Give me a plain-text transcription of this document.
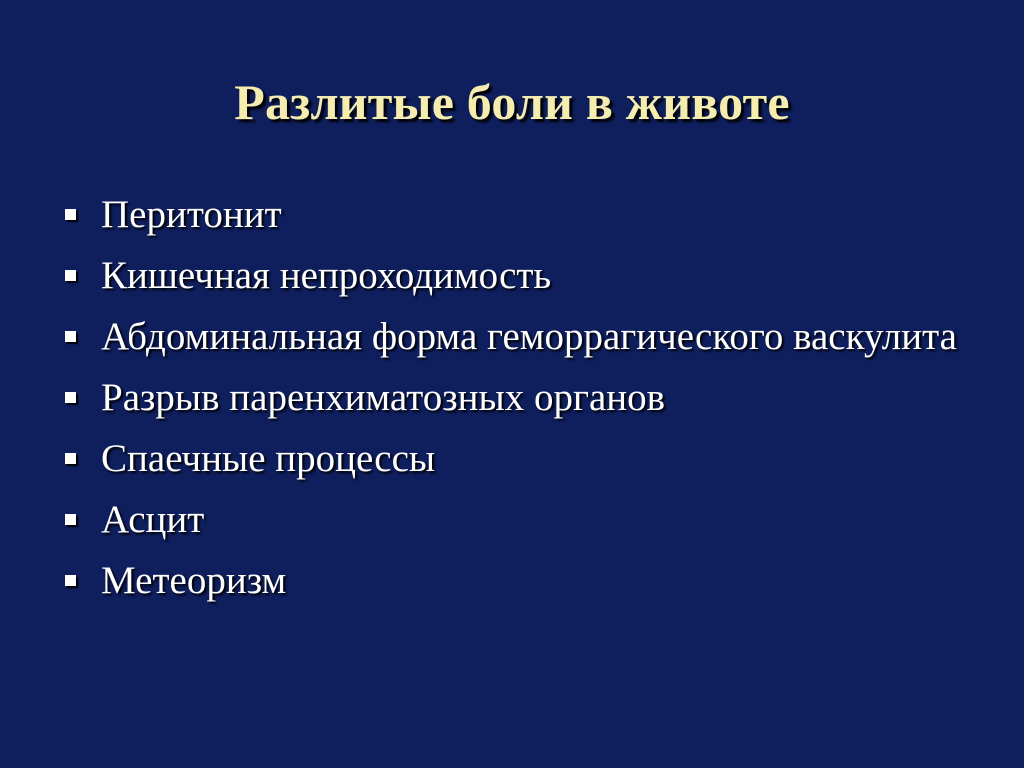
Разлитые боли в животе
Перитонит
Кишечная непроходимость
Абдоминальная форма геморрагического васкулита
Разрыв паренхиматозных органов
Спаечные процессы
Асцит
Метеоризм
